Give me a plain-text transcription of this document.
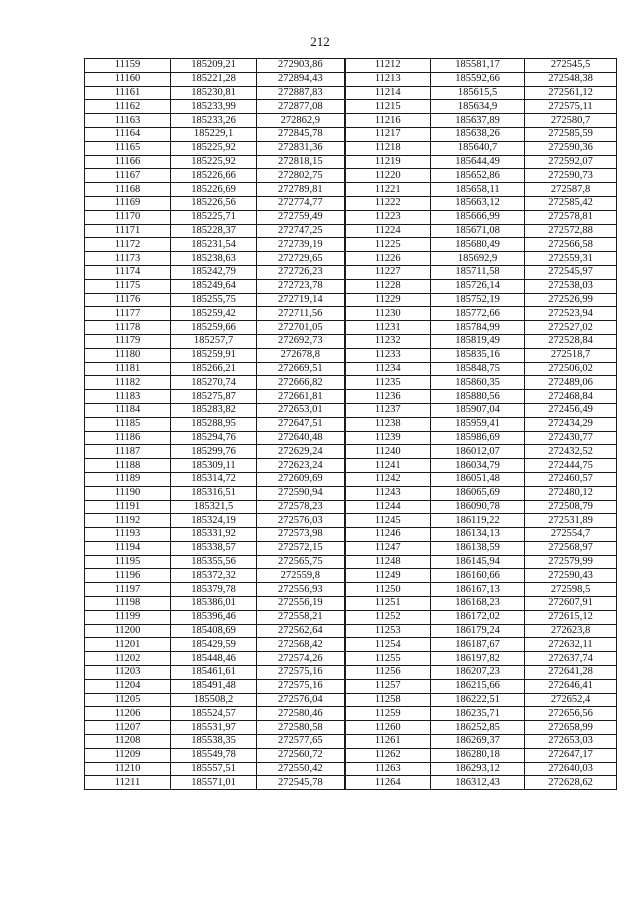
212
11159	185209,21	272903,86	11212	185581,17	272545,5
11160	185221,28	272894,43	11213	185592,66	272548,38
11161	185230,81	272887,83	11214	185615,5	272561,12
11162	185233,99	272877,08	11215	185634,9	272575,11
11163	185233,26	272862,9	11216	185637,89	272580,7
11164	185229,1	272845,78	11217	185638,26	272585,59
11165	185225,92	272831,36	11218	185640,7	272590,36
11166	185225,92	272818,15	11219	185644,49	272592,07
11167	185226,66	272802,75	11220	185652,86	272590,73
11168	185226,69	272789,81	11221	185658,11	272587,8
11169	185226,56	272774,77	11222	185663,12	272585,42
11170	185225,71	272759,49	11223	185666,99	272578,81
11171	185228,37	272747,25	11224	185671,08	272572,88
11172	185231,54	272739,19	11225	185680,49	272566,58
11173	185238,63	272729,65	11226	185692,9	272559,31
11174	185242,79	272726,23	11227	185711,58	272545,97
11175	185249,64	272723,78	11228	185726,14	272538,03
11176	185255,75	272719,14	11229	185752,19	272526,99
11177	185259,42	272711,56	11230	185772,66	272523,94
11178	185259,66	272701,05	11231	185784,99	272527,02
11179	185257,7	272692,73	11232	185819,49	272528,84
11180	185259,91	272678,8	11233	185835,16	272518,7
11181	185266,21	272669,51	11234	185848,75	272506,02
11182	185270,74	272666,82	11235	185860,35	272489,06
11183	185275,87	272661,81	11236	185880,56	272468,84
11184	185283,82	272653,01	11237	185907,04	272456,49
11185	185288,95	272647,51	11238	185959,41	272434,29
11186	185294,76	272640,48	11239	185986,69	272430,77
11187	185299,76	272629,24	11240	186012,07	272432,52
11188	185309,11	272623,24	11241	186034,79	272444,75
11189	185314,72	272609,69	11242	186051,48	272460,57
11190	185316,51	272590,94	11243	186065,69	272480,12
11191	185321,5	272578,23	11244	186090,78	272508,79
11192	185324,19	272576,03	11245	186119,22	272531,89
11193	185331,92	272573,98	11246	186134,13	272554,7
11194	185338,57	272572,15	11247	186138,59	272568,97
11195	185355,56	272565,75	11248	186145,94	272579,99
11196	185372,32	272559,8	11249	186160,66	272590,43
11197	185379,78	272556,93	11250	186167,13	272598,5
11198	185386,01	272556,19	11251	186168,23	272607,91
11199	185396,46	272558,21	11252	186172,02	272615,12
11200	185408,69	272562,64	11253	186179,24	272623,8
11201	185429,59	272568,42	11254	186187,67	272632,11
11202	185448,46	272574,26	11255	186197,82	272637,74
11203	185461,61	272575,16	11256	186207,23	272641,28
11204	185491,48	272575,16	11257	186215,66	272646,41
11205	185508,2	272576,04	11258	186222,51	272652,4
11206	185524,57	272580,46	11259	186235,71	272656,56
11207	185531,97	272580,58	11260	186252,85	272658,99
11208	185538,35	272577,65	11261	186269,37	272653,03
11209	185549,78	272560,72	11262	186280,18	272647,17
11210	185557,51	272550,42	11263	186293,12	272640,03
11211	185571,01	272545,78	11264	186312,43	272628,62
